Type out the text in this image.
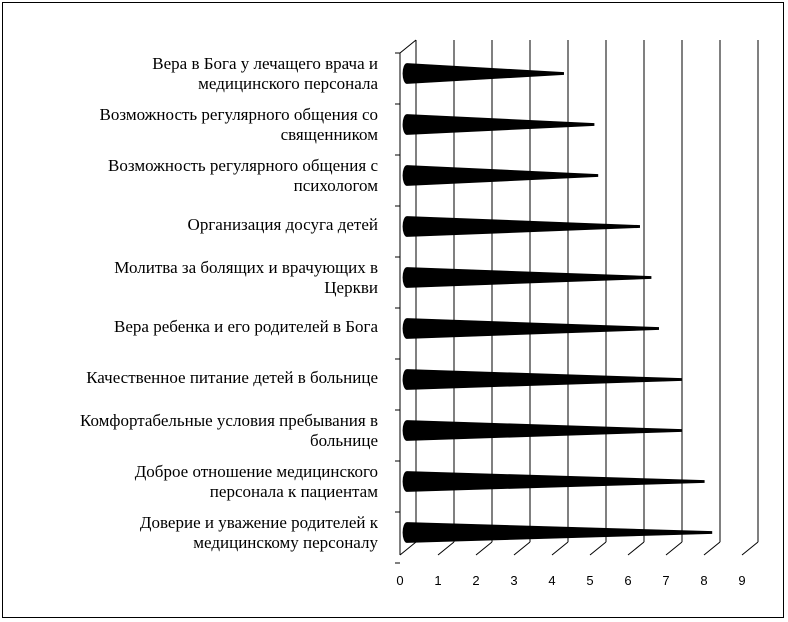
Вера в Бога у лечащего врача и
медицинского персонала
Возможность регулярного общения со
священником
Возможность регулярного общения с
психологом
Организация досуга детей
Молитва за болящих и врачующих в
Церкви
Вера ребенка и его родителей в Бога
Качественное питание детей в больнице
Комфортабельные условия пребывания в
больнице
Доброе отношение медицинского
персонала к пациентам
Доверие и уважение родителей к
медицинскому персоналу
0 1 2 3 4 5 6 7 8 9
